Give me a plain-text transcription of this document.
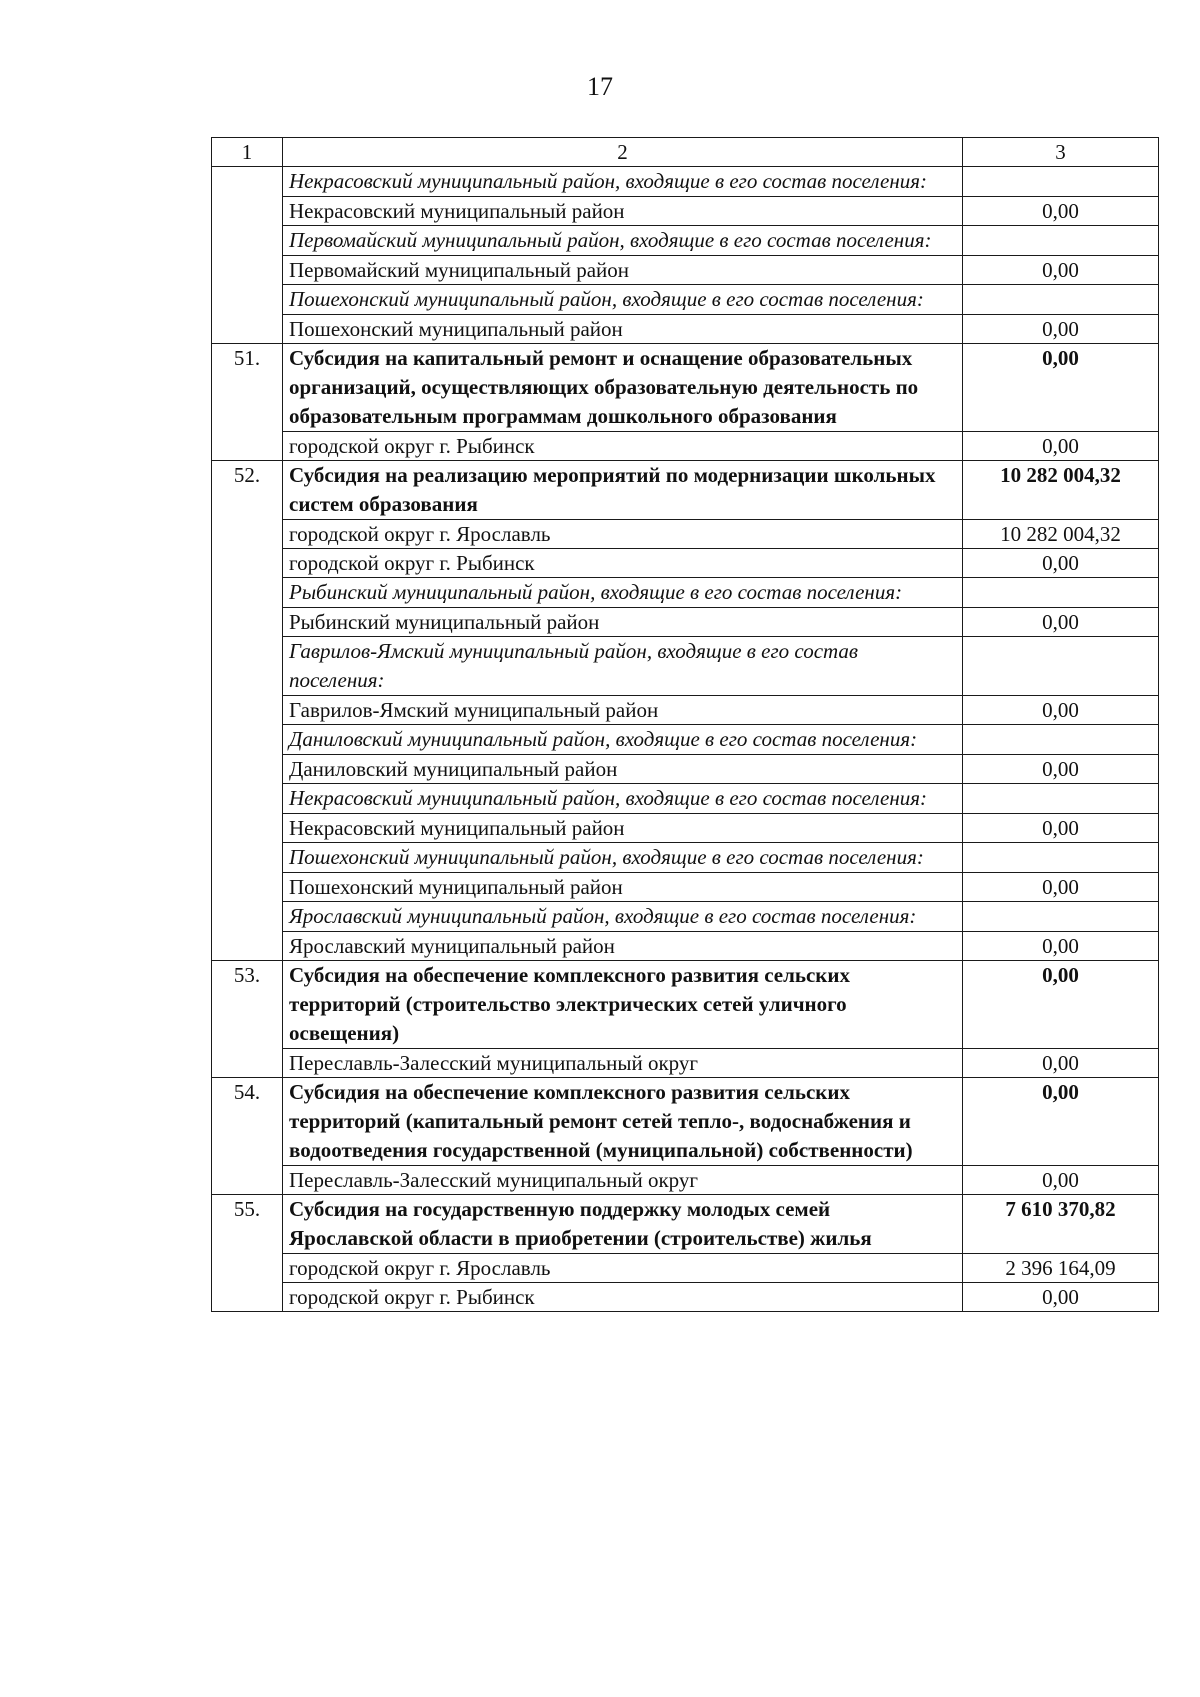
17
1	2	3
	Некрасовский муниципальный район, входящие в его состав поселения:	
	Некрасовский муниципальный район	0,00
	Первомайский муниципальный район, входящие в его состав поселения:	
	Первомайский муниципальный район	0,00
	Пошехонский муниципальный район, входящие в его состав поселения:	
	Пошехонский муниципальный район	0,00
51.	Субсидия на капитальный ремонт и оснащение образовательных организаций, осуществляющих образовательную деятельность по образовательным программам дошкольного образования	0,00
	городской округ г. Рыбинск	0,00
52.	Субсидия на реализацию мероприятий по модернизации школьных систем образования	10 282 004,32
	городской округ г. Ярославль	10 282 004,32
	городской округ г. Рыбинск	0,00
	Рыбинский муниципальный район, входящие в его состав поселения:	
	Рыбинский муниципальный район	0,00
	Гаврилов-Ямский муниципальный район, входящие в его состав поселения:	
	Гаврилов-Ямский муниципальный район	0,00
	Даниловский муниципальный район, входящие в его состав поселения:	
	Даниловский муниципальный район	0,00
	Некрасовский муниципальный район, входящие в его состав поселения:	
	Некрасовский муниципальный район	0,00
	Пошехонский муниципальный район, входящие в его состав поселения:	
	Пошехонский муниципальный район	0,00
	Ярославский муниципальный район, входящие в его состав поселения:	
	Ярославский муниципальный район	0,00
53.	Субсидия на обеспечение комплексного развития сельских территорий (строительство электрических сетей уличного освещения)	0,00
	Переславль-Залесский муниципальный округ	0,00
54.	Субсидия на обеспечение комплексного развития сельских территорий (капитальный ремонт сетей тепло-, водоснабжения и водоотведения государственной (муниципальной) собственности)	0,00
	Переславль-Залесский муниципальный округ	0,00
55.	Субсидия на государственную поддержку молодых семей Ярославской области в приобретении (строительстве) жилья	7 610 370,82
	городской округ г. Ярославль	2 396 164,09
	городской округ г. Рыбинск	0,00
